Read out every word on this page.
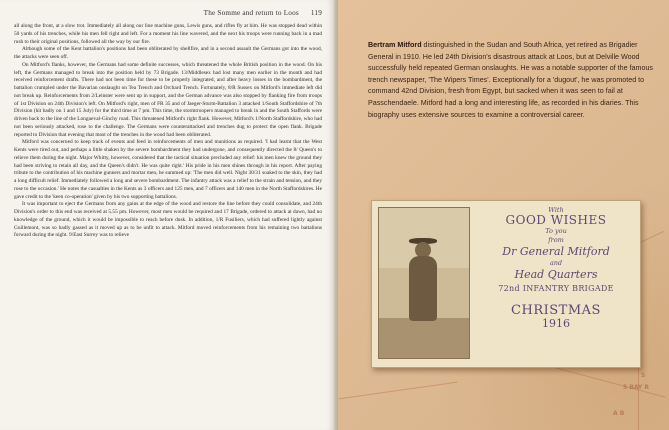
The Somme and return to Loos 119

all along the front, at a slow trot. Immediately all along our line machine guns, Lewis guns, and rifles fly at him. He was stopped dead within 50 yards of his trenches, while his men fell right and left. For a moment his line wavered, and the next his troops were running back in a mad rush to their original positions, followed all the way by our fire.

Although some of the Kent battalion's positions had been obliterated by shellfire, and in a second assault the Germans got into the wood, the attacks were seen off.

On Mitford's flanks, however, the Germans had some definite successes, which threatened the whole British position in the wood. On his left, the Germans managed to break into the position held by 73 Brigade. 13/Middlesex had lost many men earlier in the month and had received reinforcement drafts. There had not been time for these to be properly integrated, and after heavy losses in the bombardment, the battalion crumpled under the Bavarian onslaught on Tea Trench and Orchard Trench. Fortunately, 8/R Sussex on Mitford's immediate left did not break up. Reinforcements from 2/Leinster were sent up in support, and the German advance was also stopped by flanking fire from troops of 1st Division on 24th Division's left. On Mitford's right, men of FR 35 and of Jaeger-Sturm-Battalion 3 attacked 1/South Staffordshire of 7th Division (hit badly on 1 and 15 July) for the third time at 7 pm. This time, the stormtroopers managed to break in and the South Staffords were driven back to the line of the Longueval-Ginchy road. This threatened Mitford's right flank. However, Mitford's 1/North Staffordshire, who had not been seriously attacked, rose to the challenge. The Germans were counterattacked and trenches dug to protect the open flank. Brigade reported to Division that evening that most of the trenches in the wood had been obliterated.

Mitford was concerned to keep track of events and feed in reinforcements of men and munitions as required. 'I had learnt that the West Kents were tired out, and perhaps a little shaken by the severe bombardment they had undergone, and consequently directed the 8/ Queen's to relieve them during the night. Major Whitty, however, considered that the tactical situation precluded any relief: his men knew the ground they had been striving to retain all day, and the Queen's didn't. He was quite right.' His pride in his men shines through in his report. After paying tribute to the contribution of his machine gunners and mortar men, he summed up: 'The men did well. Night 30/31 soaked to the skin, they had a long difficult relief. Immediately followed a long and severe bombardment. The infantry attack was a relief to the strain and tension, and they rose to the occasion.' He notes the casualties in the Kents as 3 officers and 125 men, and 7 officers and 140 men in the North Staffordshires. He gave credit to the 'keen co-operation' given by his two supporting battalions.

It was important to eject the Germans from any gains at the edge of the wood and restore the line before they could consolidate, and 24th Division's order to this end was received at 5.55 pm. However, most men would be required and 17 Brigade, ordered to attack at dawn, had no knowledge of the ground, which it would be impossible to reach before dusk. In addition, 1/R Fusiliers, which had suffered lightly against Guillemont, was so badly gassed as it moved up as to be unfit to attack. Mitford moved reinforcements from his remaining two battalions forward during the night. 9/East Surrey was to relieve

S
5 BAY R
A B
Bertram Mitford distinguished in the Sudan and South Africa, yet retired as Brigadier General in 1910. He led 24th Division's disastrous attack at Loos, but at Delville Wood successfully held repeated German onslaughts. He was a notable supporter of the famous trench newspaper, 'The Wipers Times'. Exceptionally for a 'dugout', he was promoted to command 42nd Division, fresh from Egypt, but sacked when it was seen to fail at Passchendaele. Mitford had a long and interesting life, as recorded in his diaries. This biography uses extensive sources to examine a controversial career.
With
GOOD WISHES
To you
from
Dr General Mitford
and
Head Quarters
72nd INFANTRY BRIGADE
CHRISTMAS
1916
